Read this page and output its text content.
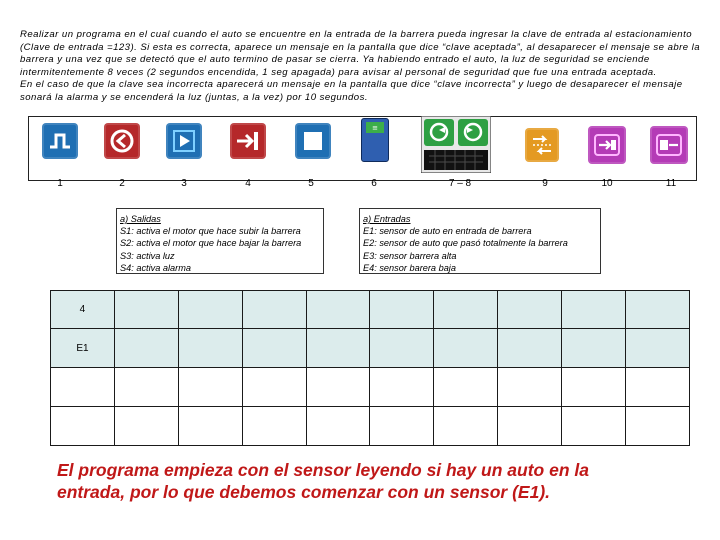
Realizar un programa en el cual cuando el auto se encuentre en la entrada de la barrera pueda ingresar la clave de entrada al estacionamiento

(Clave de entrada =123). Si esta es correcta, aparece un mensaje en la pantalla que dice “clave aceptada”, al desaparecer el mensaje se abre la

barrera y una vez que se detectó que el auto termino de pasar se cierra. Ya habiendo entrado el auto, la luz de seguridad se enciende

intermitentemente 8 veces (2 segundos encendida, 1 seg apagada) para avisar al personal de seguridad que fue una entrada aceptada.

En el caso de que la clave sea incorrecta aparecerá un mensaje en la pantalla que dice “clave incorrecta” y luego de desaparecer el mensaje

sonará la alarma y se encenderá la luz (juntas, a la vez) por 10 segundos.

≡
1	2	3	4	5	6	7 – 8	9	10	11
a) Salidas
S1: activa el motor que hace subir la barrera
S2: activa el motor que hace bajar la barrera
S3: activa luz
S4: activa alarma
a) Entradas
E1: sensor de auto en entrada de barrera
E2: sensor de auto que pasó totalmente la barrera
E3: sensor barrera alta
E4: sensor barera baja
4									
E1									

El programa empieza con el sensor leyendo si hay un auto en la entrada, por lo que debemos comenzar con un sensor (E1).
